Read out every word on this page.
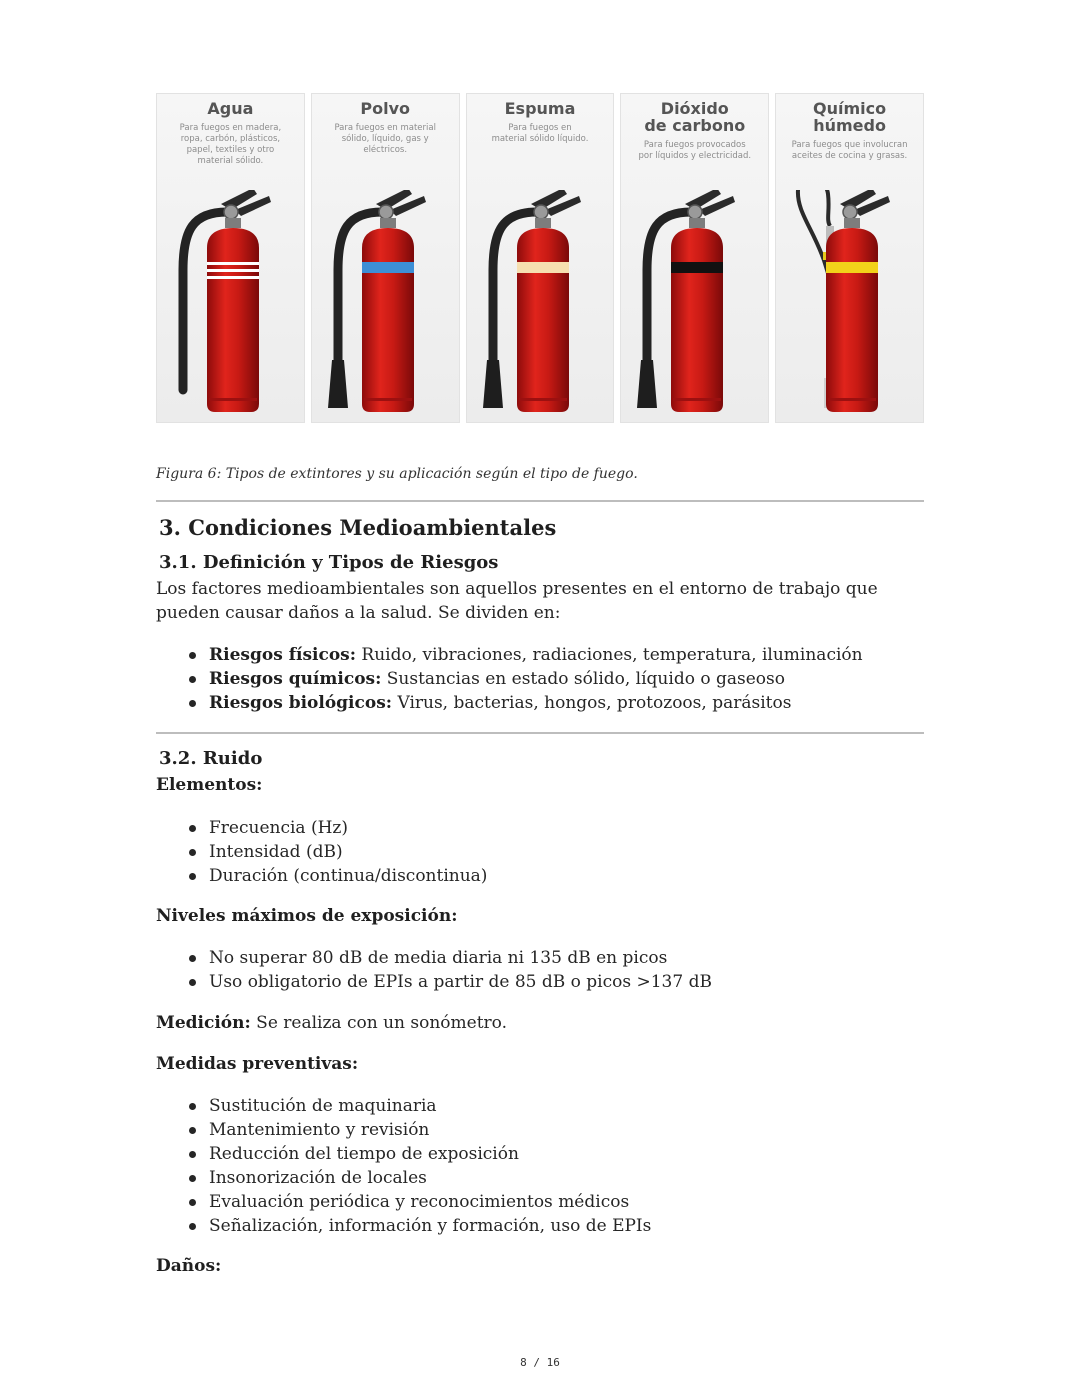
Agua
Para fuegos en madera,
ropa, carbón, plásticos,
papel, textiles y otro
material sólido.
Polvo
Para fuegos en material
sólido, líquido, gas y
eléctricos.
Espuma
Para fuegos en
material sólido líquido.
Dióxido
de carbono
Para fuegos provocados
por líquidos y electricidad.
Químico
húmedo
Para fuegos que involucran
aceites de cocina y grasas.
Figura 6: Tipos de extintores y su aplicación según el tipo de fuego.
3. Condiciones Medioambientales
3.1. Definición y Tipos de Riesgos

Los factores medioambientales son aquellos presentes en el entorno de trabajo que pueden causar daños a la salud. Se dividen en:

Riesgos físicos: Ruido, vibraciones, radiaciones, temperatura, iluminación
Riesgos químicos: Sustancias en estado sólido, líquido o gaseoso
Riesgos biológicos: Virus, bacterias, hongos, protozoos, parásitos
3.2. Ruido

Elementos:

Frecuencia (Hz)
Intensidad (dB)
Duración (continua/discontinua)

Niveles máximos de exposición:

No superar 80 dB de media diaria ni 135 dB en picos
Uso obligatorio de EPIs a partir de 85 dB o picos >137 dB

Medición: Se realiza con un sonómetro.

Medidas preventivas:

Sustitución de maquinaria
Mantenimiento y revisión
Reducción del tiempo de exposición
Insonorización de locales
Evaluación periódica y reconocimientos médicos
Señalización, información y formación, uso de EPIs

Daños:

8 / 16
